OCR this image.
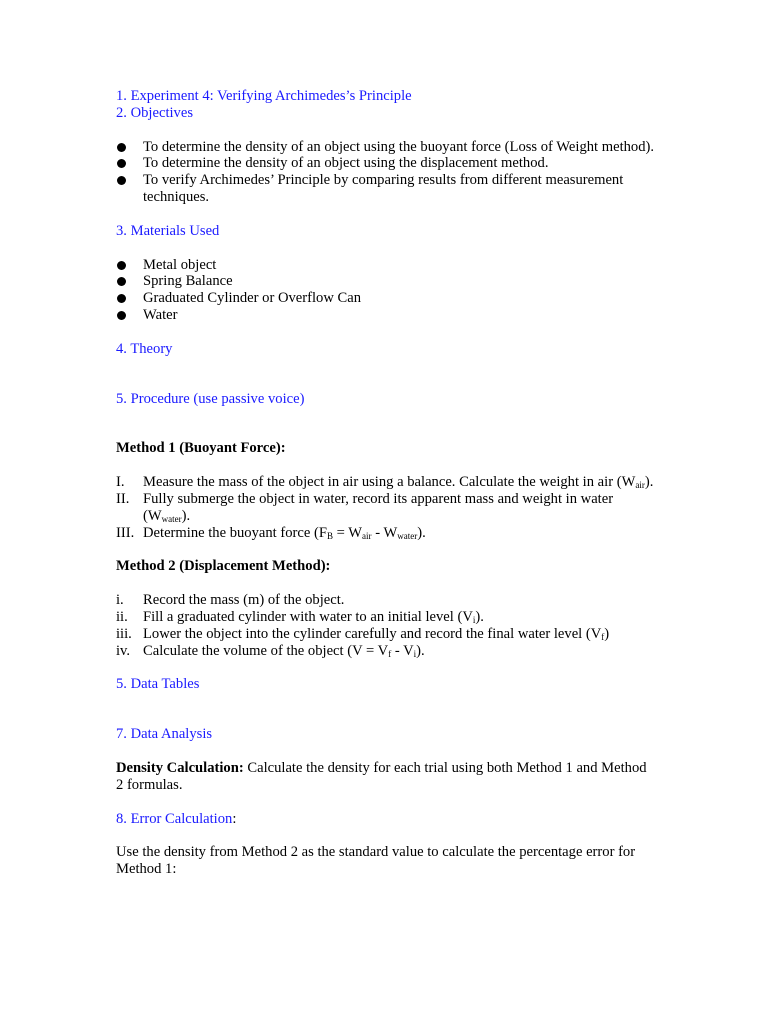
1. Experiment 4: Verifying Archimedes’s Principle

2. Objectives

To determine the density of an object using the buoyant force (Loss of Weight method).
To determine the density of an object using the displacement method.
To verify Archimedes’ Principle by comparing results from different measurement techniques.

3. Materials Used

Metal object
Spring Balance
Graduated Cylinder or Overflow Can
Water

4. Theory

5. Procedure (use passive voice)

Method 1 (Buoyant Force):

I. Measure the mass of the object in air using a balance. Calculate the weight in air $(W_{air})$.
II. Fully submerge the object in water, record its apparent mass and weight in water $(W_{water})$.
III. Determine the buoyant force $(F_B = W_{air} - W_{water})$.

Method 2 (Displacement Method):

i. Record the mass (m) of the object.
ii. Fill a graduated cylinder with water to an initial level $(V_i)$.
iii. Lower the object into the cylinder carefully and record the final water level $(V_f)$
iv. Calculate the volume of the object $(V = V_f - V_i)$.

5. Data Tables

7. Data Analysis

Density Calculation: Calculate the density for each trial using both Method 1 and Method 2 formulas.

8. Error Calculation:

Use the density from Method 2 as the standard value to calculate the percentage error for Method 1:
